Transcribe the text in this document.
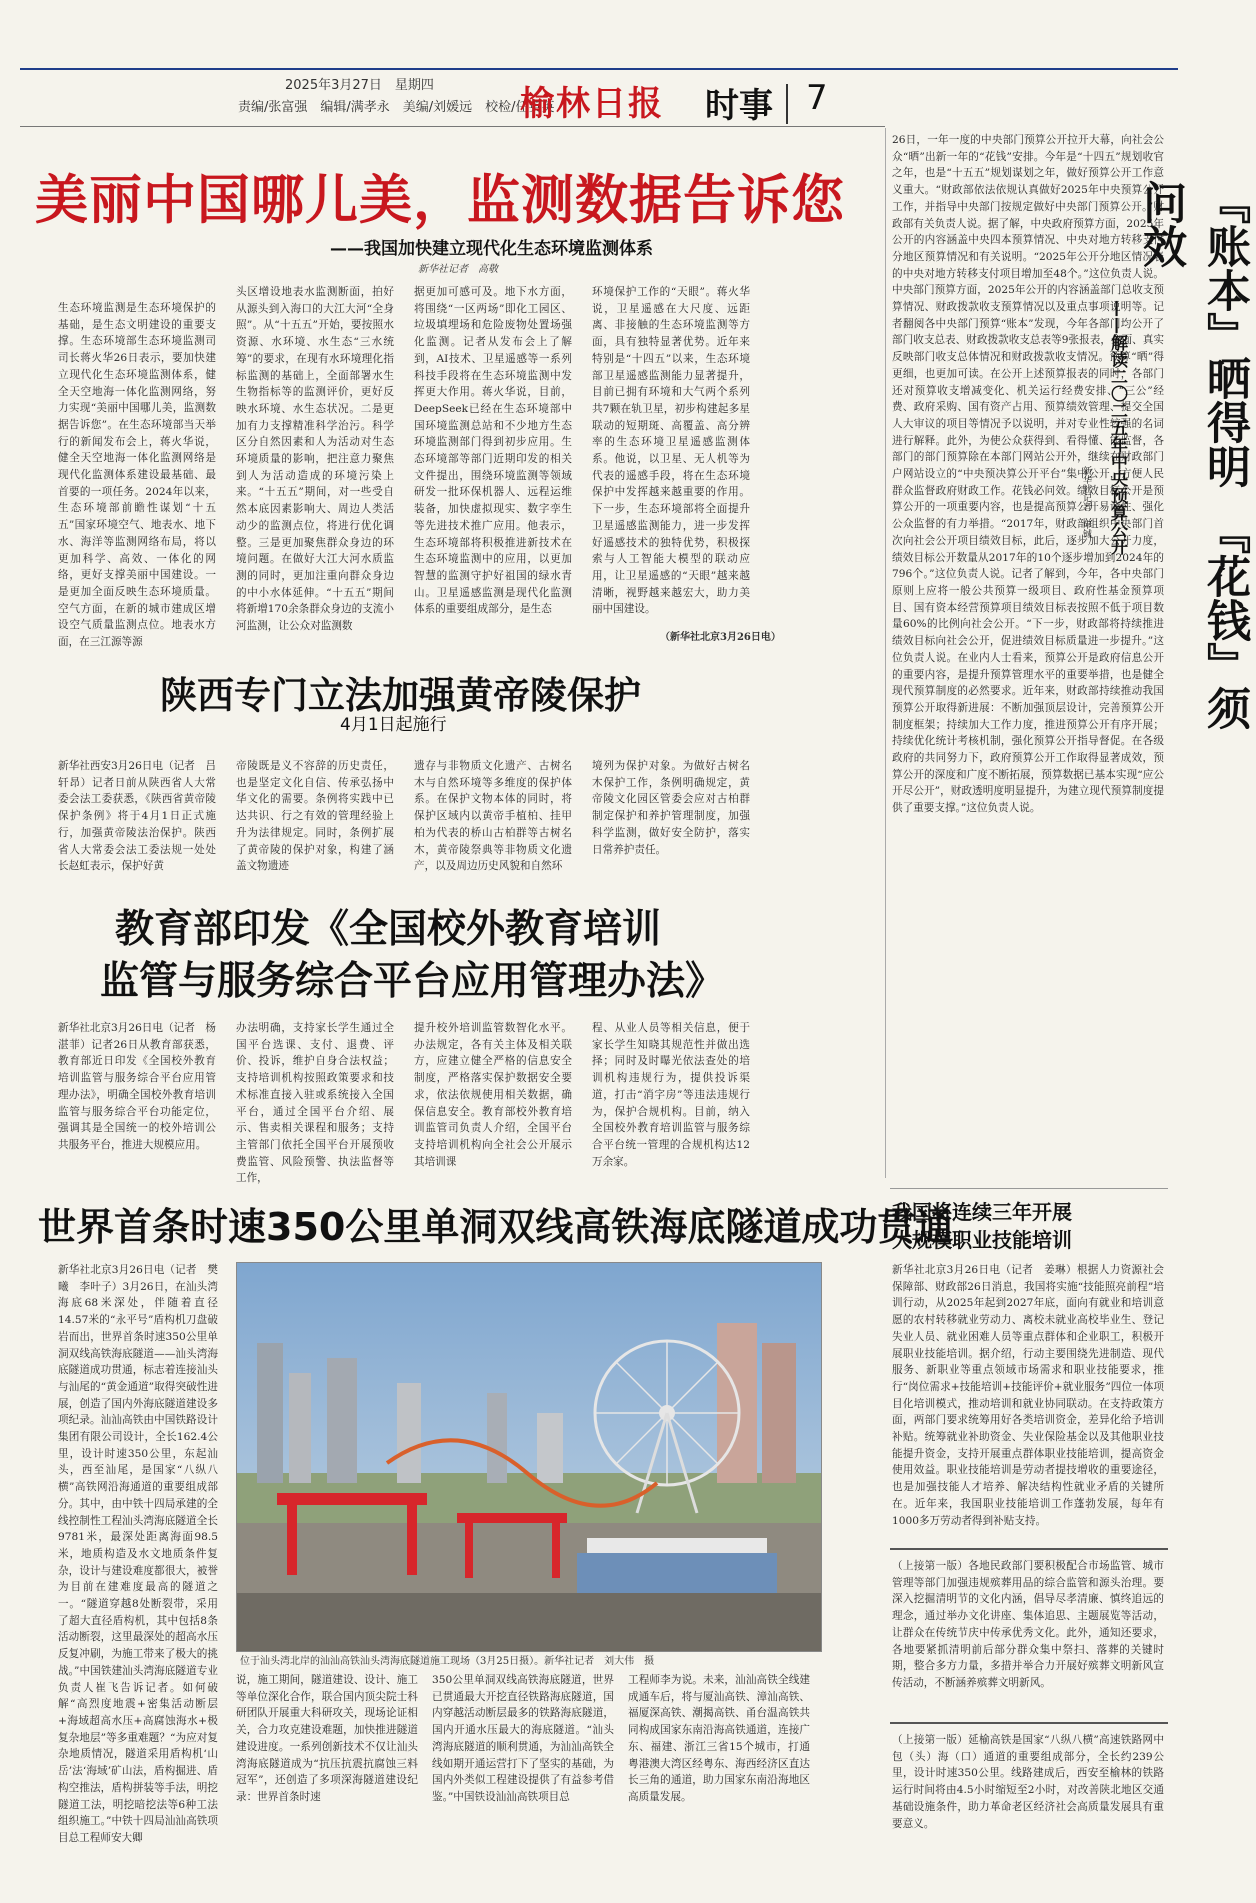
2025年3月27日　星期四
责编/张富强　编辑/满孝永　美编/刘媛远　校检/任英英
榆林日报 时事 7
美丽中国哪儿美，监测数据告诉您
——我国加快建立现代化生态环境监测体系
新华社记者　高敬
生态环境监测是生态环境保护的基础，是生态文明建设的重要支撑。生态环境部生态环境监测司司长蒋火华26日表示，要加快建立现代化生态环境监测体系，健全天空地海一体化监测网络，努力实现“美丽中国哪儿美，监测数据告诉您”。在生态环境部当天举行的新闻发布会上，蒋火华说，健全天空地海一体化监测网络是现代化监测体系建设最基础、最首要的一项任务。2024年以来，生态环境部前瞻性谋划“十五五”国家环境空气、地表水、地下水、海洋等监测网络布局，将以更加科学、高效、一体化的网络，更好支撑美丽中国建设。一是更加全面反映生态环境质量。空气方面，在新的城市建成区增设空气质量监测点位。地表水方面，在三江源等源
头区增设地表水监测断面，拍好从源头到入海口的大江大河“全身照”。从“十五五”开始，要按照水资源、水环境、水生态“三水统筹”的要求，在现有水环境理化指标监测的基础上，全面部署水生生物指标等的监测评价，更好反映水环境、水生态状况。二是更加有力支撑精准科学治污。科学区分自然因素和人为活动对生态环境质量的影响，把注意力聚焦到人为活动造成的环境污染上来。“十五五”期间，对一些受自然本底因素影响大、周边人类活动少的监测点位，将进行优化调整。三是更加聚焦群众身边的环境问题。在做好大江大河水质监测的同时，更加注重向群众身边的中小水体延伸。“十五五”期间将新增170余条群众身边的支流小河监测，让公众对监测数
据更加可感可及。地下水方面，将围绕“一区两场”即化工园区、垃圾填埋场和危险废物处置场强化监测。记者从发布会上了解到，AI技术、卫星遥感等一系列科技手段将在生态环境监测中发挥更大作用。蒋火华说，目前，DeepSeek已经在生态环境部中国环境监测总站和不少地方生态环境监测部门得到初步应用。生态环境部等部门近期印发的相关文件提出，围绕环境监测等领域研发一批环保机器人、远程运维装备，加快虚拟现实、数字孪生等先进技术推广应用。他表示，生态环境部将积极推进新技术在生态环境监测中的应用，以更加智慧的监测守护好祖国的绿水青山。卫星遥感监测是现代化监测体系的重要组成部分，是生态
环境保护工作的“天眼”。蒋火华说，卫星遥感在大尺度、远距离、非接触的生态环境监测等方面，具有独特显著优势。近年来特别是“十四五”以来，生态环境部卫星遥感监测能力显著提升，目前已拥有环境和大气两个系列共7颗在轨卫星，初步构建起多星联动的短期斑、高覆盖、高分辨率的生态环境卫星遥感监测体系。他说，以卫星、无人机等为代表的遥感手段，将在生态环境保护中发挥越来越重要的作用。下一步，生态环境部将全面提升卫星遥感监测能力，进一步发挥好遥感技术的独特优势，积极探索与人工智能大模型的联动应用，让卫星遥感的“天眼”越来越清晰，视野越来越宏大，助力美丽中国建设。
（新华社北京3月26日电）
陕西专门立法加强黄帝陵保护
4月1日起施行
新华社西安3月26日电（记者　吕轩昂）记者日前从陕西省人大常委会法工委获悉，《陕西省黄帝陵保护条例》将于4月1日正式施行，加强黄帝陵法治保护。陕西省人大常委会法工委法规一处处长赵虹表示，保护好黄
帝陵既是义不容辞的历史责任，也是坚定文化自信、传承弘扬中华文化的需要。条例将实践中已达共识、行之有效的管理经验上升为法律规定。同时，条例扩展了黄帝陵的保护对象，构建了涵盖文物遗迹
遗存与非物质文化遗产、古树名木与自然环境等多维度的保护体系。在保护文物本体的同时，将保护区域内以黄帝手植柏、挂甲柏为代表的桥山古柏群等古树名木，黄帝陵祭典等非物质文化遗产，以及周边历史风貌和自然环
境列为保护对象。为做好古树名木保护工作，条例明确规定，黄帝陵文化园区管委会应对古柏群制定保护和养护管理制度，加强科学监测，做好安全防护，落实日常养护责任。
教育部印发《全国校外教育培训
监管与服务综合平台应用管理办法》
新华社北京3月26日电（记者　杨湛菲）记者26日从教育部获悉，教育部近日印发《全国校外教育培训监管与服务综合平台应用管理办法》，明确全国校外教育培训监管与服务综合平台功能定位，强调其是全国统一的校外培训公共服务平台，推进大规模应用。
办法明确，支持家长学生通过全国平台选课、支付、退费、评价、投诉，维护自身合法权益；支持培训机构按照政策要求和技术标准直接入驻或系统接入全国平台，通过全国平台介绍、展示、售卖相关课程和服务；支持主管部门依托全国平台开展预收费监管、风险预警、执法监督等工作，
提升校外培训监管数智化水平。办法规定，各有关主体及相关联方，应建立健全严格的信息安全制度，严格落实保护数据安全要求，依法依规使用相关数据，确保信息安全。教育部校外教育培训监管司负责人介绍，全国平台支持培训机构向全社会公开展示其培训课
程、从业人员等相关信息，便于家长学生知晓其规范性并做出选择；同时及时曝光依法查处的培训机构违规行为，提供投诉渠道，打击“消字房”等违法违规行为，保护合规机构。目前，纳入全国校外教育培训监管与服务综合平台统一管理的合规机构达12万余家。
世界首条时速350公里单洞双线高铁海底隧道成功贯通
新华社北京3月26日电（记者　樊曦　李叶子）3月26日，在汕头湾海底68米深处，伴随着直径14.57米的“永平号”盾构机刀盘破岩而出，世界首条时速350公里单洞双线高铁海底隧道——汕头湾海底隧道成功贯通，标志着连接汕头与汕尾的“黄金通道”取得突破性进展，创造了国内外海底隧道建设多项纪录。汕汕高铁由中国铁路设计集团有限公司设计，全长162.4公里，设计时速350公里，东起汕头，西至汕尾，是国家“八纵八横”高铁网沿海通道的重要组成部分。其中，由中铁十四局承建的全线控制性工程汕头湾海底隧道全长9781米，最深处距离海面98.5米，地质构造及水文地质条件复杂，设计与建设难度都很大，被誉为目前在建难度最高的隧道之一。“隧道穿越8处断裂带，采用了超大直径盾构机，其中包括8条活动断裂，这里最深处的超高水压反复冲刷，为施工带来了极大的挑战。”中国铁建汕头湾海底隧道专业负责人崔飞告诉记者。如何破解“高烈度地震+密集活动断层+海域超高水压+高腐蚀海水+极复杂地层”等多重难题？“为应对复杂地质情况，隧道采用盾构机‘山岳’法‘海域’矿山法，盾构掘进、盾构空推法，盾构拼装等手法，明挖隧道工法，明挖暗挖法等6种工法组织施工。”中铁十四局汕汕高铁项目总工程师安大卿
位于汕头湾北岸的汕汕高铁汕头湾海底隧道施工现场（3月25日摄）。新华社记者　刘大伟　摄
说，施工期间，隧道建设、设计、施工等单位深化合作，联合国内顶尖院士科研团队开展重大科研攻关，现场论证相关，合力攻克建设难题，加快推进隧道建设进度。一系列创新技术不仅让汕头湾海底隧道成为“抗压抗震抗腐蚀三料冠军”，还创造了多项深海隧道建设纪录：世界首条时速
350公里单洞双线高铁海底隧道，世界已贯通最大开挖直径铁路海底隧道，国内穿越活动断层最多的铁路海底隧道，国内开通水压最大的海底隧道。“汕头湾海底隧道的顺利贯通，为汕汕高铁全线如期开通运营打下了坚实的基础，为国内外类似工程建设提供了有益参考借鉴。”中国铁设汕汕高铁项目总
工程师李为说。未来，汕汕高铁全线建成通车后，将与厦汕高铁、漳汕高铁、福厦深高铁、潮揭高铁、甬台温高铁共同构成国家东南沿海高铁通道，连接广东、福建、浙江三省15个城市，打通粤港澳大湾区经粤东、海西经济区直达长三角的通道，助力国家东南沿海地区高质量发展。
26日，一年一度的中央部门预算公开拉开大幕，向社会公众“晒”出新一年的“花钱”安排。今年是“十四五”规划收官之年，也是“十五五”规划谋划之年，做好预算公开工作意义重大。“财政部依法依规认真做好2025年中央预算公开工作，并指导中央部门按规定做好中央部门预算公开。”财政部有关负责人说。据了解，中央政府预算方面，2025年公开的内容涵盖中央四本预算情况、中央对地方转移支付分地区预算情况和有关说明。“2025年公开分地区情况表的中央对地方转移支付项目增加至48个。”这位负责人说。中央部门预算方面，2025年公开的内容涵盖部门总收支预算情况、财政拨款收支预算情况以及重点事项说明等。记者翻阅各中央部门预算“账本”发现，今年各部门均公开了部门收支总表、财政拨款收支总表等9张报表，全面、真实反映部门收支总体情况和财政拨款收支情况。预算“晒”得更细，也更加可读。在公开上述预算报表的同时，各部门还对预算收支增减变化、机关运行经费安排、“三公”经费、政府采购、国有资产占用、预算绩效管理、提交全国人大审议的项目等情况予以说明，并对专业性较强的名词进行解释。此外，为使公众获得到、看得懂、能监督，各部门的部门预算除在本部门网站公开外，继续在财政部门户网站设立的“中央预决算公开平台”集中公开，方便人民群众监督政府财政工作。花钱必问效。绩效目标公开是预算公开的一项重要内容，也是提高预算公开易读性、强化公众监督的有力举措。“2017年，财政部组织中央部门首次向社会公开项目绩效目标，此后，逐步加大公开力度，绩效目标公开数量从2017年的10个逐步增加到2024年的796个。”这位负责人说。记者了解到，今年，各中央部门原则上应将一般公共预算一级项目、政府性基金预算项目、国有资本经营预算项目绩效目标表按照不低于项目数量60%的比例向社会公开。“下一步，财政部将持续推进绩效目标向社会公开，促进绩效目标质量进一步提升。”这位负责人说。在业内人士看来，预算公开是政府信息公开的重要内容，是提升预算管理水平的重要举措，也是健全现代预算制度的必然要求。近年来，财政部持续推动我国预算公开取得新进展：不断加强顶层设计，完善预算公开制度框架；持续加大工作力度，推进预算公开有序开展；持续优化统计考核机制，强化预算公开指导督促。在各级政府的共同努力下，政府预算公开工作取得显著成效，预算公开的深度和广度不断拓展，预算数据已基本实现“应公开尽公开”，财政透明度明显提升，为建立现代预算制度提供了重要支撑。”这位负责人说。
『账本』晒得明　『花钱』须问效
——解读二〇二五年中央预算公开
新华社记者　申铖
我国将连续三年开展
大规模职业技能培训
新华社北京3月26日电（记者　姜琳）根据人力资源社会保障部、财政部26日消息，我国将实施“技能照亮前程”培训行动，从2025年起到2027年底，面向有就业和培训意愿的农村转移就业劳动力、离校未就业高校毕业生、登记失业人员、就业困难人员等重点群体和企业职工，积极开展职业技能培训。据介绍，行动主要围绕先进制造、现代服务、新职业等重点领域市场需求和职业技能要求，推行“岗位需求+技能培训+技能评价+就业服务”四位一体项目化培训模式，推动培训和就业协同联动。在支持政策方面，两部门要求统筹用好各类培训资金，差异化给予培训补贴。统筹就业补助资金、失业保险基金以及其他职业技能提升资金，支持开展重点群体职业技能培训，提高资金使用效益。职业技能培训是劳动者提技增收的重要途径，也是加强技能人才培养、解决结构性就业矛盾的关键所在。近年来，我国职业技能培训工作蓬勃发展，每年有1000多万劳动者得到补贴支持。
（上接第一版）各地民政部门要积极配合市场监管、城市管理等部门加强违规殡葬用品的综合监管和源头治理。要深入挖掘清明节的文化内涵，倡导尽孝清廉、慎终追远的理念，通过举办文化讲座、集体追思、主题展览等活动，让群众在传统节庆中传承优秀文化。此外，通知还要求，各地要紧抓清明前后部分群众集中祭扫、落葬的关键时期，整合多方力量，多措并举合力开展好殡葬文明新风宣传活动，不断涵养殡葬文明新风。
（上接第一版）延榆高铁是国家“八纵八横”高速铁路网中包（头）海（口）通道的重要组成部分，全长约239公里，设计时速350公里。线路建成后，西安至榆林的铁路运行时间将由4.5小时缩短至2小时，对改善陕北地区交通基础设施条件，助力革命老区经济社会高质量发展具有重要意义。
